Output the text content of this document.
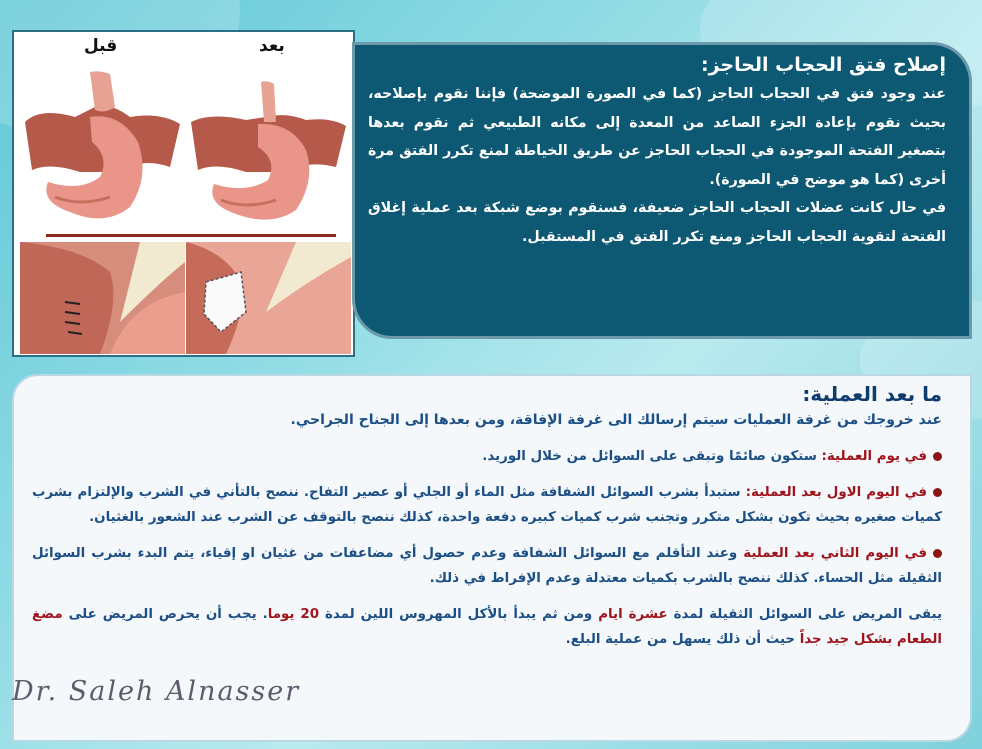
قبل	بعد
إصلاح فتق الحجاب الحاجز:

عند وجود فتق في الحجاب الحاجز (كما في الصورة الموضحة) فإننا نقوم بإصلاحه، بحيث نقوم بإعادة الجزء الصاعد من المعدة إلى مكانه الطبيعي ثم نقوم بعدها بتصغير الفتحة الموجودة في الحجاب الحاجز عن طريق الخياطة لمنع تكرر الفتق مرة أخرى (كما هو موضح في الصورة).

في حال كانت عضلات الحجاب الحاجز ضعيفة، فسنقوم بوضع شبكة بعد عملية إغلاق الفتحة لتقوية الحجاب الحاجز ومنع تكرر الفتق في المستقبل.

ما بعد العملية:

عند خروجك من غرفة العمليات سيتم إرسالك الى غرفة الإفاقة، ومن بعدها إلى الجناح الجراحي.

في يوم العملية: ستكون صائمًا وتبقى على السوائل من خلال الوريد.

في اليوم الاول بعد العملية: ستبدأ بشرب السوائل الشفافة مثل الماء أو الجلي أو عصير التفاح. ننصح بالتأني في الشرب والإلتزام بشرب كميات صغيره بحيث تكون بشكل متكرر وتجنب شرب كميات كبيره دفعة واحدة، كذلك ننصح بالتوقف عن الشرب عند الشعور بالغثيان.

في اليوم الثاني بعد العملية وعند التأقلم مع السوائل الشفافة وعدم حصول أي مضاعفات من غثيان او إقياء، يتم البدء بشرب السوائل الثقيلة مثل الحساء. كذلك ننصح بالشرب بكميات معتدلة وعدم الإفراط في ذلك.

يبقى المريض على السوائل الثقيلة لمدة عشرة ايام ومن ثم يبدأ بالأكل المهروس اللين لمدة 20 يوما. يجب أن يحرص المريض على مضغ الطعام بشكل جيد جداً حيث أن ذلك يسهل من عملية البلع.

Dr. Saleh Alnasser
